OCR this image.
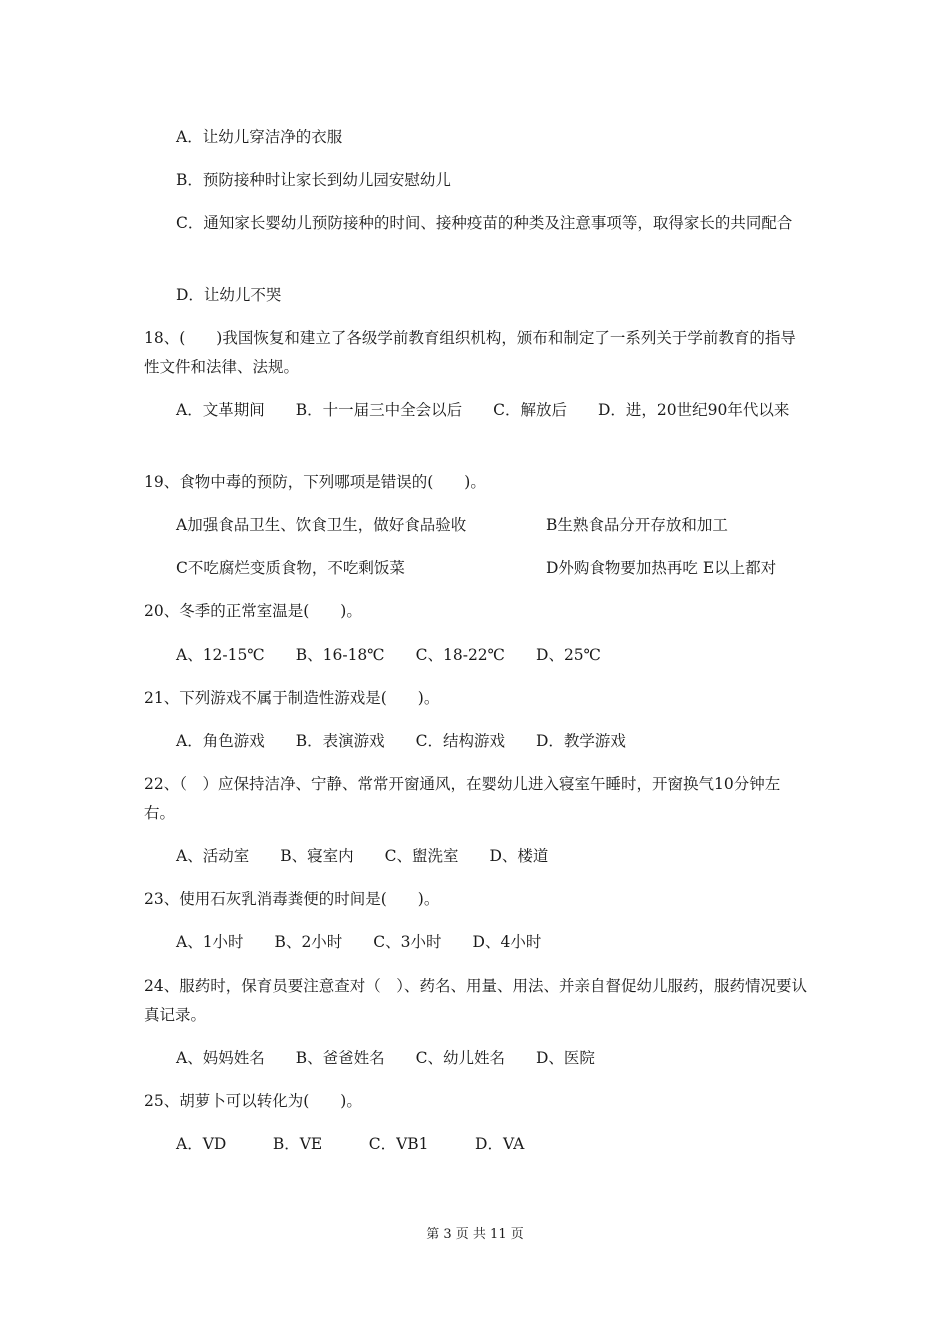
A．让幼儿穿洁净的衣服
B．预防接种时让家长到幼儿园安慰幼儿
C．通知家长婴幼儿预防接种的时间、接种疫苗的种类及注意事项等，取得家长的共同配合
D．让幼儿不哭
18、(　　)我国恢复和建立了各级学前教育组织机构，颁布和制定了一系列关于学前教育的指导性文件和法律、法规。
A．文革期间　　B．十一届三中全会以后　　C．解放后　　D．进，20世纪90年代以来
19、食物中毒的预防，下列哪项是错误的(　　)。
A加强食品卫生、饮食卫生，做好食品验收	B生熟食品分开存放和加工
C不吃腐烂变质食物，不吃剩饭菜	D外购食物要加热再吃 E以上都对
20、冬季的正常室温是(　　)。
A、12-15℃　　B、16-18℃　　C、18-22℃　　D、25℃
21、下列游戏不属于制造性游戏是(　　)。
A．角色游戏　　B．表演游戏　　C．结构游戏　　D．教学游戏
22、（　）应保持洁净、宁静、常常开窗通风，在婴幼儿进入寝室午睡时，开窗换气10分钟左右。
A、活动室　　B、寝室内　　C、盥洗室　　D、楼道
23、使用石灰乳消毒粪便的时间是(　　)。
A、1小时　　B、2小时　　C、3小时　　D、4小时
24、服药时，保育员要注意查对（　）、药名、用量、用法、并亲自督促幼儿服药，服药情况要认真记录。
A、妈妈姓名　　B、爸爸姓名　　C、幼儿姓名　　D、医院
25、胡萝卜可以转化为(　　)。
A．VD　　　B．VE　　　C．VB1　　　D．VA
第 3 页 共 11 页
